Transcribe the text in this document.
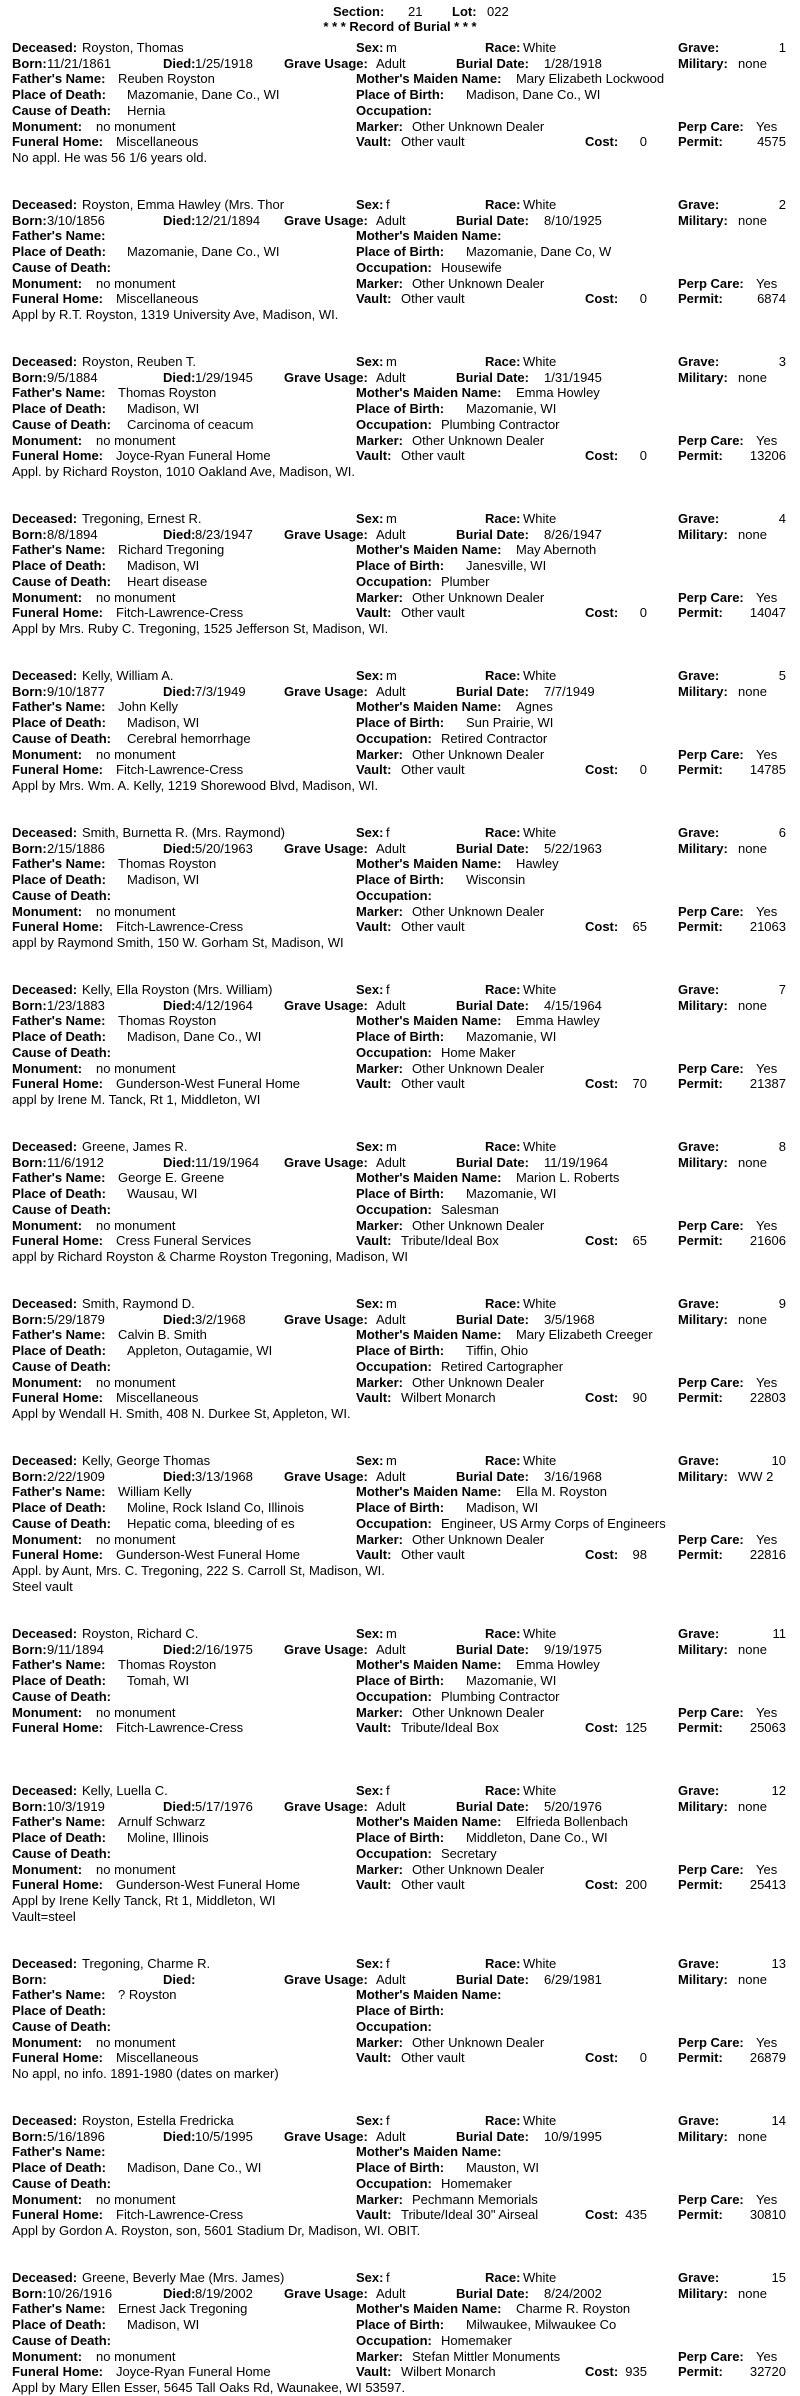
Section:	21	Lot: 022
* * * Record of Burial * * *
Deceased: Royston, Thomas	Sex: m	Race: White	Grave:	1
Born: 11/21/1861	Died: 1/25/1918	Grave Usage: Adult	Burial Date:	1/28/1918	Military: none
Father's Name: Reuben Royston	Mother's Maiden Name:	Mary Elizabeth Lockwood
Place of Death:	Mazomanie, Dane Co., WI	Place of Birth:	Madison, Dane Co., WI
Cause of Death:	Hernia	Occupation:
Monument:	no monument	Marker: Other Unknown Dealer	Perp Care: Yes
Funeral Home: Miscellaneous	Vault: Other vault	Cost:	0 Permit:	4575
No appl. He was 56 1/6 years old.
Deceased: Royston, Emma Hawley (Mrs. Thor	Sex: f	Race: White	Grave:	2
Born: 3/10/1856	Died: 12/21/1894	Grave Usage: Adult	Burial Date:	8/10/1925	Military: none
Father's Name:	Mother's Maiden Name:
Place of Death:	Mazomanie, Dane Co., WI	Place of Birth:	Mazomanie, Dane Co, W
Cause of Death:	Occupation: Housewife
Monument:	no monument	Marker: Other Unknown Dealer	Perp Care: Yes
Funeral Home: Miscellaneous	Vault: Other vault	Cost:	0 Permit:	6874
Appl by R.T. Royston, 1319 University Ave, Madison, WI.
Deceased: Royston, Reuben T.	Sex: m	Race: White	Grave:	3
Born: 9/5/1884	Died: 1/29/1945	Grave Usage: Adult	Burial Date:	1/31/1945	Military: none
Father's Name: Thomas Royston	Mother's Maiden Name:	Emma Howley
Place of Death:	Madison, WI	Place of Birth:	Mazomanie, WI
Cause of Death:	Carcinoma of ceacum	Occupation: Plumbing Contractor
Monument:	no monument	Marker: Other Unknown Dealer	Perp Care: Yes
Funeral Home: Joyce-Ryan Funeral Home	Vault: Other vault	Cost:	0 Permit:	13206
Appl. by Richard Royston, 1010 Oakland Ave, Madison, WI.
Deceased: Tregoning, Ernest R.	Sex: m	Race: White	Grave:	4
Born: 8/8/1894	Died: 8/23/1947	Grave Usage: Adult	Burial Date:	8/26/1947	Military: none
Father's Name: Richard Tregoning	Mother's Maiden Name:	May Abernoth
Place of Death:	Madison, WI	Place of Birth:	Janesville, WI
Cause of Death:	Heart disease	Occupation: Plumber
Monument:	no monument	Marker: Other Unknown Dealer	Perp Care: Yes
Funeral Home: Fitch-Lawrence-Cress	Vault: Other vault	Cost:	0 Permit:	14047
Appl by Mrs. Ruby C. Tregoning, 1525 Jefferson St, Madison, WI.
Deceased: Kelly, William A.	Sex: m	Race: White	Grave:	5
Born: 9/10/1877	Died: 7/3/1949	Grave Usage: Adult	Burial Date:	7/7/1949	Military: none
Father's Name: John Kelly	Mother's Maiden Name:	Agnes
Place of Death:	Madison, WI	Place of Birth:	Sun Prairie, WI
Cause of Death:	Cerebral hemorrhage	Occupation: Retired Contractor
Monument:	no monument	Marker: Other Unknown Dealer	Perp Care: Yes
Funeral Home: Fitch-Lawrence-Cress	Vault: Other vault	Cost:	0 Permit:	14785
Appl by Mrs. Wm. A. Kelly, 1219 Shorewood Blvd, Madison, WI.
Deceased: Smith, Burnetta R. (Mrs. Raymond)	Sex: f	Race: White	Grave:	6
Born: 2/15/1886	Died: 5/20/1963	Grave Usage: Adult	Burial Date:	5/22/1963	Military: none
Father's Name: Thomas Royston	Mother's Maiden Name:	Hawley
Place of Death:	Madison, WI	Place of Birth:	Wisconsin
Cause of Death:	Occupation:
Monument:	no monument	Marker: Other Unknown Dealer	Perp Care: Yes
Funeral Home: Fitch-Lawrence-Cress	Vault: Other vault	Cost:	65 Permit:	21063
appl by Raymond Smith, 150 W. Gorham St, Madison, WI
Deceased: Kelly, Ella Royston (Mrs. William)	Sex: f	Race: White	Grave:	7
Born: 1/23/1883	Died: 4/12/1964	Grave Usage: Adult	Burial Date:	4/15/1964	Military: none
Father's Name: Thomas Royston	Mother's Maiden Name:	Emma Hawley
Place of Death:	Madison, Dane Co., WI	Place of Birth:	Mazomanie, WI
Cause of Death:	Occupation: Home Maker
Monument:	no monument	Marker: Other Unknown Dealer	Perp Care: Yes
Funeral Home: Gunderson-West Funeral Home	Vault: Other vault	Cost:	70 Permit:	21387
appl by Irene M. Tanck, Rt 1, Middleton, WI
Deceased: Greene, James R.	Sex: m	Race: White	Grave:	8
Born: 11/6/1912	Died: 11/19/1964	Grave Usage: Adult	Burial Date:	11/19/1964	Military: none
Father's Name: George E. Greene	Mother's Maiden Name:	Marion L. Roberts
Place of Death:	Wausau, WI	Place of Birth:	Mazomanie, WI
Cause of Death:	Occupation: Salesman
Monument:	no monument	Marker: Other Unknown Dealer	Perp Care: Yes
Funeral Home: Cress Funeral Services	Vault: Tribute/Ideal Box	Cost:	65 Permit:	21606
appl by Richard Royston & Charme Royston Tregoning, Madison, WI
Deceased: Smith, Raymond D.	Sex: m	Race: White	Grave:	9
Born: 5/29/1879	Died: 3/2/1968	Grave Usage: Adult	Burial Date:	3/5/1968	Military: none
Father's Name: Calvin B. Smith	Mother's Maiden Name:	Mary Elizabeth Creeger
Place of Death:	Appleton, Outagamie, WI	Place of Birth:	Tiffin, Ohio
Cause of Death:	Occupation: Retired Cartographer
Monument:	no monument	Marker: Other Unknown Dealer	Perp Care: Yes
Funeral Home: Miscellaneous	Vault: Wilbert Monarch	Cost:	90 Permit:	22803
Appl by Wendall H. Smith, 408 N. Durkee St, Appleton, WI.
Deceased: Kelly, George Thomas	Sex: m	Race: White	Grave:	10
Born: 2/22/1909	Died: 3/13/1968	Grave Usage: Adult	Burial Date:	3/16/1968	Military: WW 2
Father's Name: William Kelly	Mother's Maiden Name:	Ella M. Royston
Place of Death:	Moline, Rock Island Co, Illinois	Place of Birth:	Madison, WI
Cause of Death:	Hepatic coma, bleeding of es	Occupation: Engineer, US Army Corps of Engineers
Monument:	no monument	Marker: Other Unknown Dealer	Perp Care: Yes
Funeral Home: Gunderson-West Funeral Home	Vault: Other vault	Cost:	98 Permit:	22816
Appl. by Aunt, Mrs. C. Tregoning, 222 S. Carroll St, Madison, WI.
Steel vault
Deceased: Royston, Richard C.	Sex: m	Race: White	Grave:	11
Born: 9/11/1894	Died: 2/16/1975	Grave Usage: Adult	Burial Date:	9/19/1975	Military: none
Father's Name: Thomas Royston	Mother's Maiden Name:	Emma Howley
Place of Death:	Tomah, WI	Place of Birth:	Mazomanie, WI
Cause of Death:	Occupation: Plumbing Contractor
Monument:	no monument	Marker: Other Unknown Dealer	Perp Care: Yes
Funeral Home: Fitch-Lawrence-Cress	Vault: Tribute/Ideal Box	Cost: 125 Permit:	25063
Deceased: Kelly, Luella C.	Sex: f	Race: White	Grave:	12
Born: 10/3/1919	Died: 5/17/1976	Grave Usage: Adult	Burial Date:	5/20/1976	Military: none
Father's Name: Arnulf Schwarz	Mother's Maiden Name:	Elfrieda Bollenbach
Place of Death:	Moline, Illinois	Place of Birth:	Middleton, Dane Co., WI
Cause of Death:	Occupation: Secretary
Monument:	no monument	Marker: Other Unknown Dealer	Perp Care: Yes
Funeral Home: Gunderson-West Funeral Home	Vault: Other vault	Cost: 200 Permit:	25413
Appl by Irene Kelly Tanck, Rt 1, Middleton, WI
Vault=steel
Deceased: Tregoning, Charme R.	Sex: f	Race: White	Grave:	13
Born:	Died:	Grave Usage: Adult	Burial Date:	6/29/1981	Military: none
Father's Name: ? Royston	Mother's Maiden Name:
Place of Death:	Place of Birth:
Cause of Death:	Occupation:
Monument:	no monument	Marker: Other Unknown Dealer	Perp Care: Yes
Funeral Home: Miscellaneous	Vault: Other vault	Cost:	0 Permit:	26879
No appl, no info. 1891-1980 (dates on marker)
Deceased: Royston, Estella Fredricka	Sex: f	Race: White	Grave:	14
Born: 5/16/1896	Died: 10/5/1995	Grave Usage: Adult	Burial Date:	10/9/1995	Military: none
Father's Name:	Mother's Maiden Name:
Place of Death:	Madison, Dane Co., WI	Place of Birth:	Mauston, WI
Cause of Death:	Occupation: Homemaker
Monument:	no monument	Marker: Pechmann Memorials	Perp Care: Yes
Funeral Home: Fitch-Lawrence-Cress	Vault: Tribute/Ideal 30" Airseal	Cost: 435 Permit:	30810
Appl by Gordon A. Royston, son, 5601 Stadium Dr, Madison, WI. OBIT.
Deceased: Greene, Beverly Mae (Mrs. James)	Sex: f	Race: White	Grave:	15
Born: 10/26/1916	Died: 8/19/2002	Grave Usage: Adult	Burial Date:	8/24/2002	Military: none
Father's Name: Ernest Jack Tregoning	Mother's Maiden Name:	Charme R. Royston
Place of Death:	Madison, WI	Place of Birth:	Milwaukee, Milwaukee Co
Cause of Death:	Occupation: Homemaker
Monument:	no monument	Marker: Stefan Mittler Monuments	Perp Care: Yes
Funeral Home: Joyce-Ryan Funeral Home	Vault: Wilbert Monarch	Cost: 935 Permit:	32720
Appl by Mary Ellen Esser, 5645 Tall Oaks Rd, Waunakee, WI 53597.
